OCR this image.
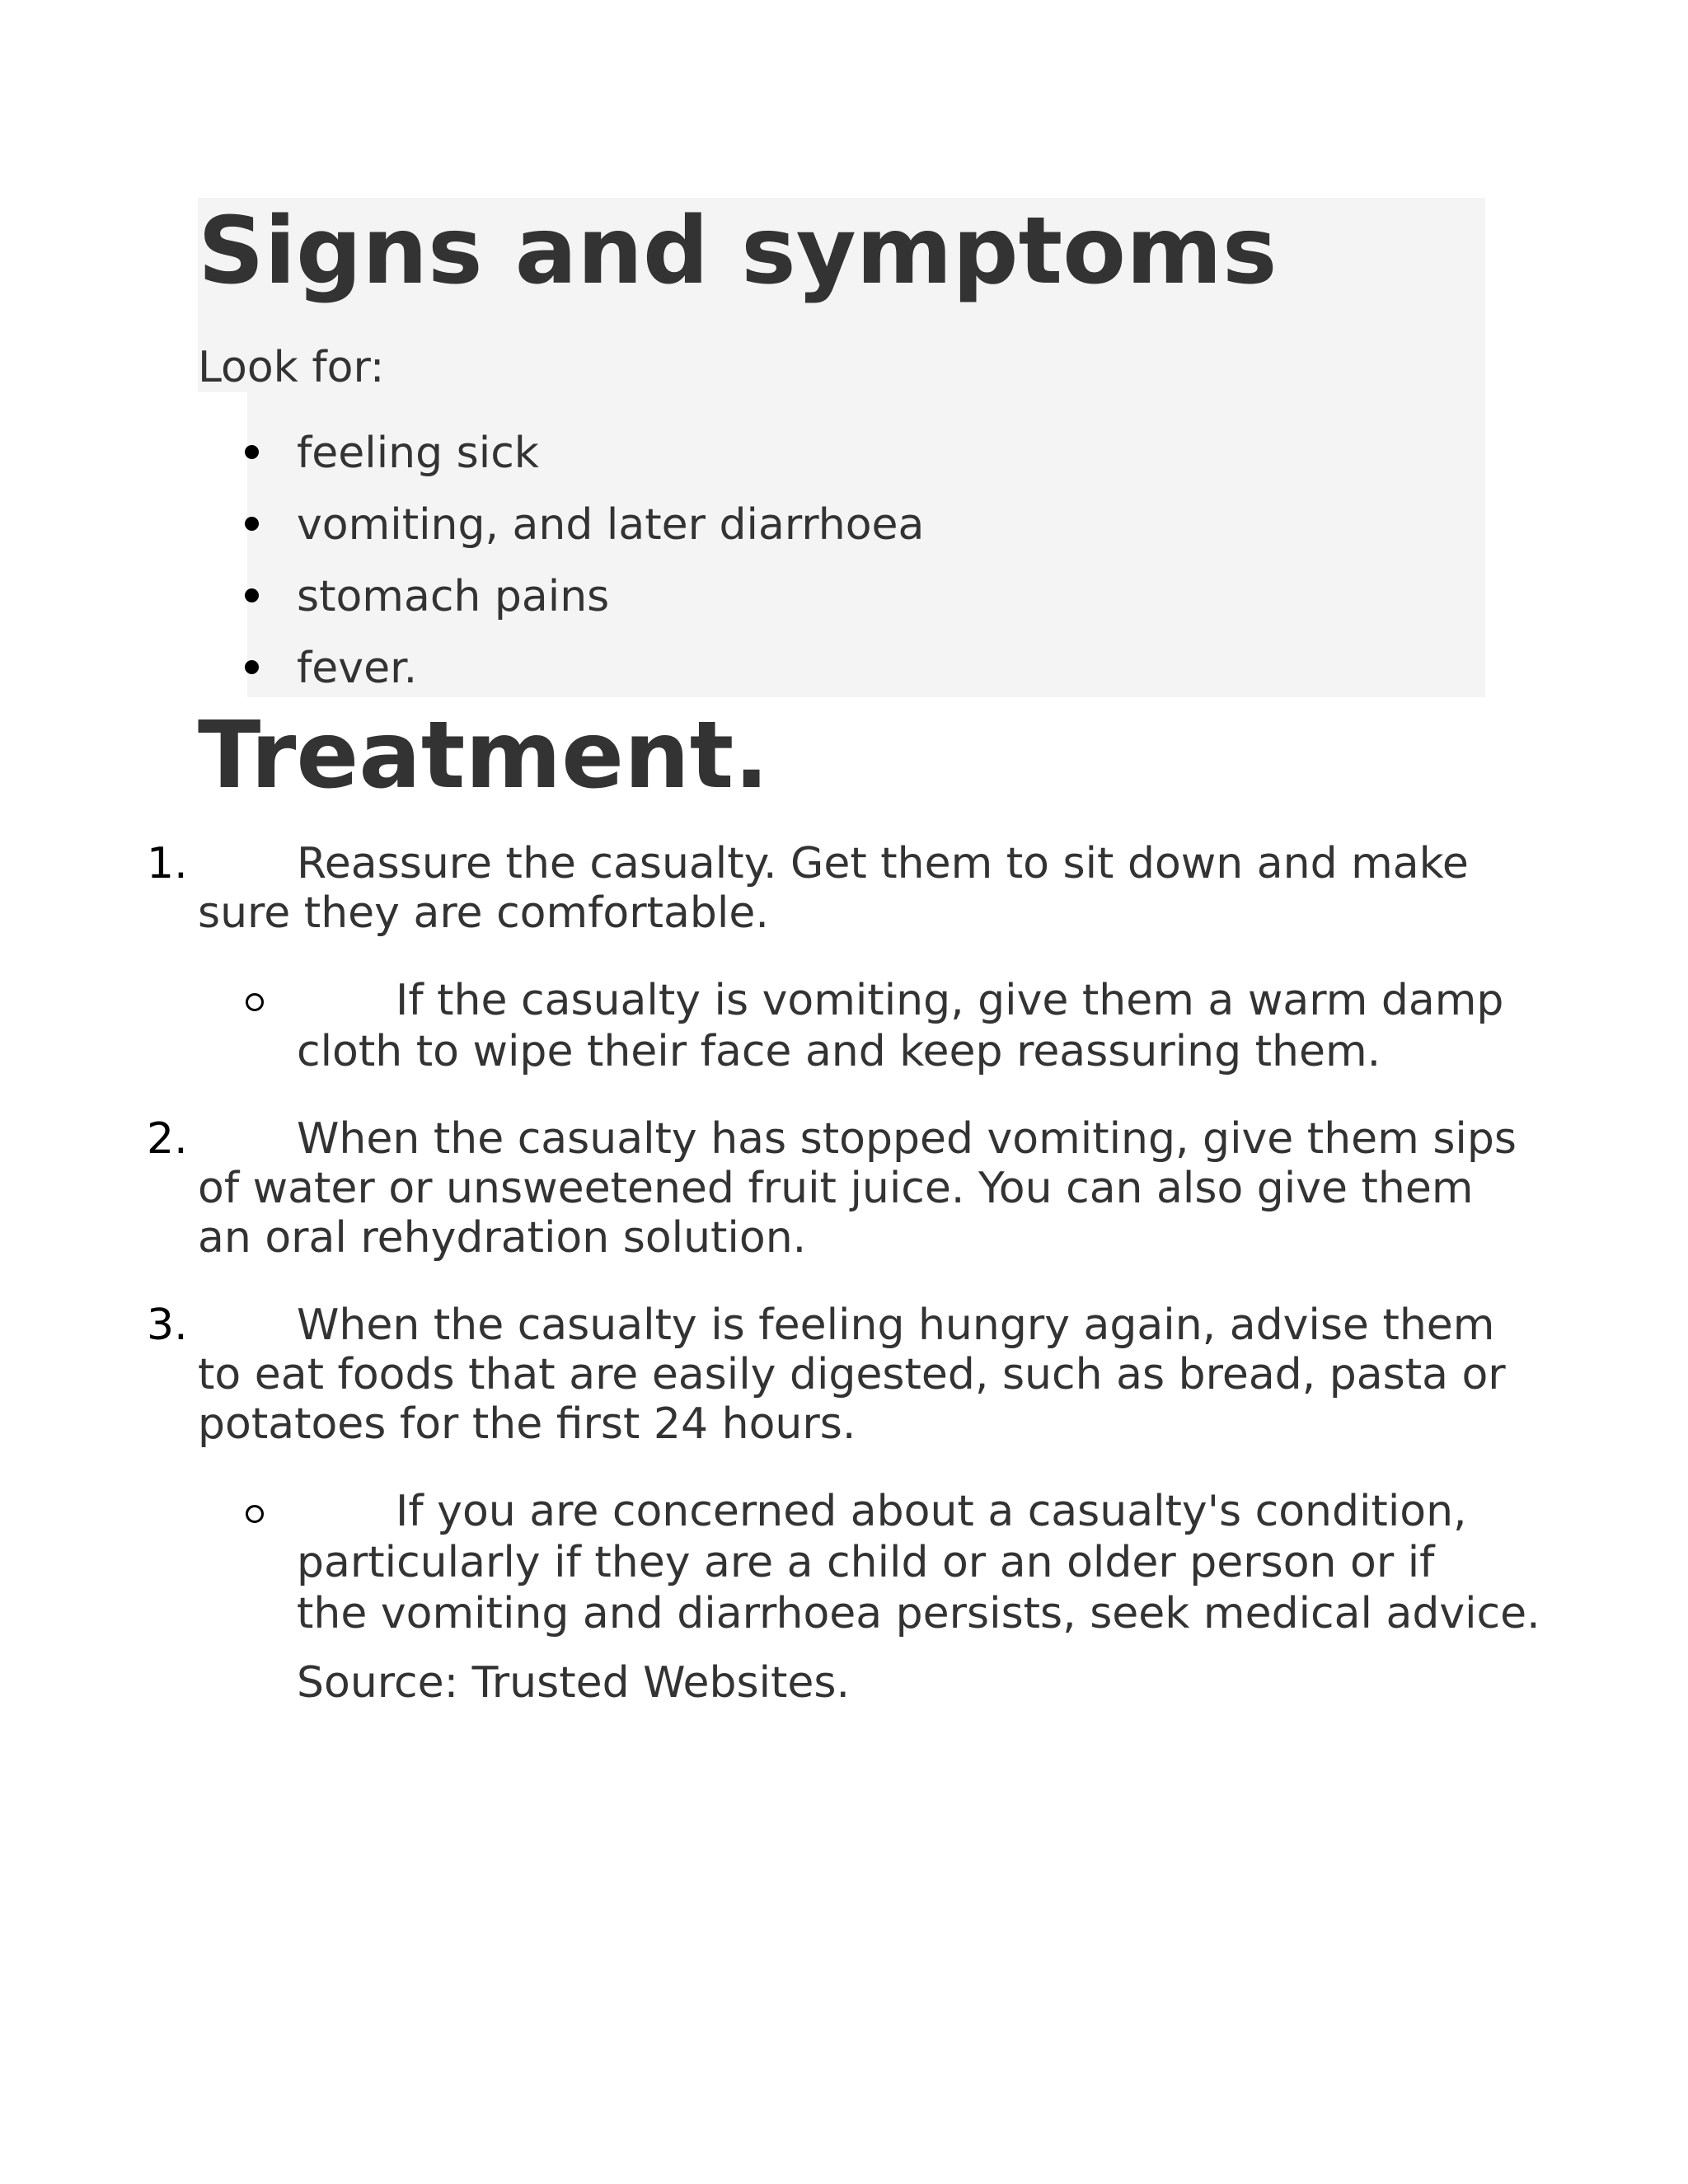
Signs and symptoms
Look for:
feeling sick
vomiting, and later diarrhoea
stomach pains
fever.
Treatment.
1.	Reassure the casualty. Get them to sit down and make
sure they are comfortable.
If the casualty is vomiting, give them a warm damp
cloth to wipe their face and keep reassuring them.
2.	When the casualty has stopped vomiting, give them sips
of water or unsweetened fruit juice. You can also give them
an oral rehydration solution.
3.	When the casualty is feeling hungry again, advise them
to eat foods that are easily digested, such as bread, pasta or
potatoes for the first 24 hours.
If you are concerned about a casualty's condition,
particularly if they are a child or an older person or if
the vomiting and diarrhoea persists, seek medical advice.
Source: Trusted Websites.
